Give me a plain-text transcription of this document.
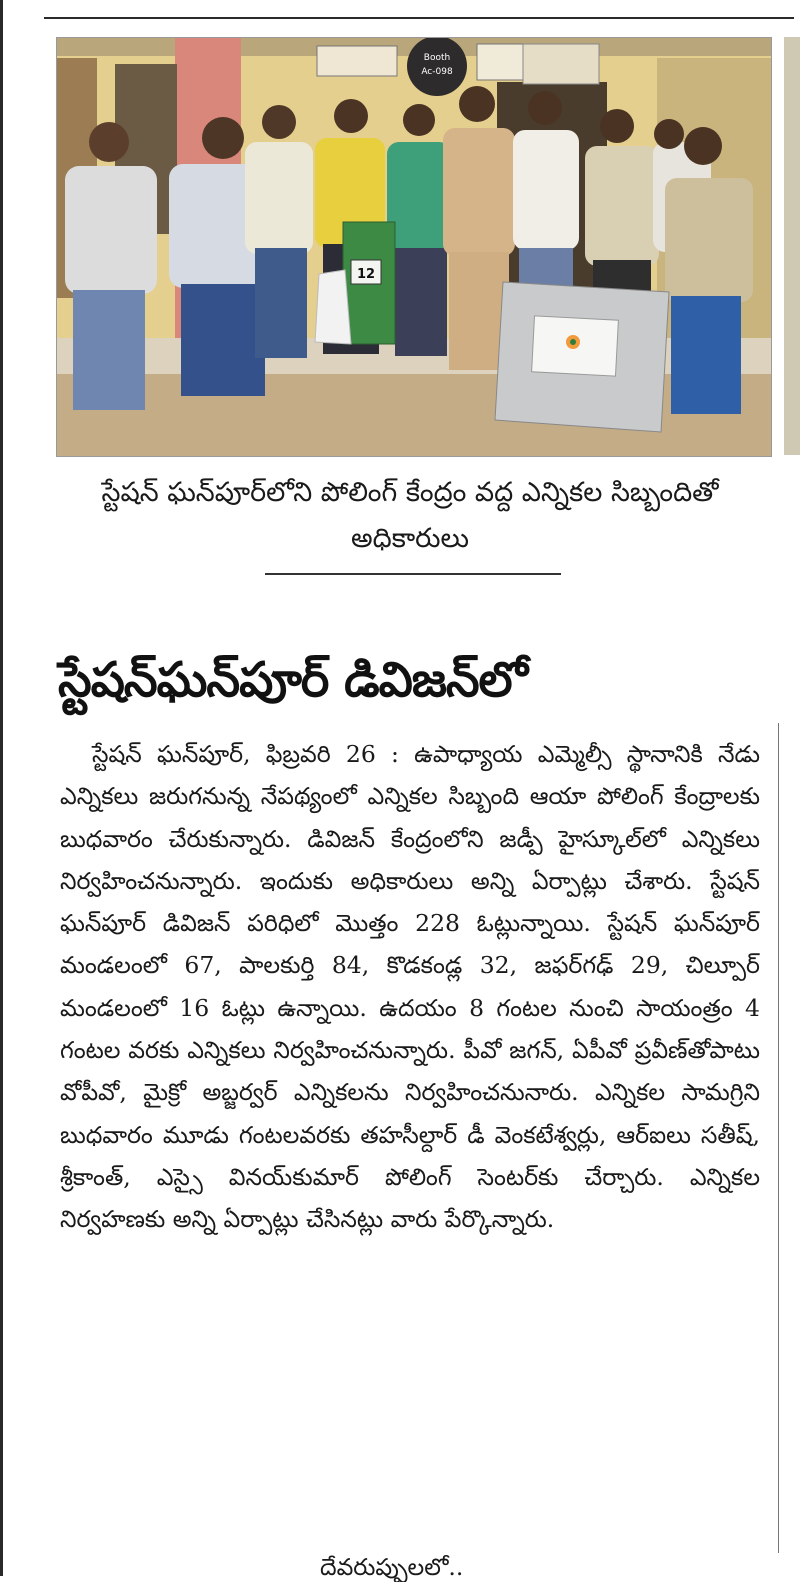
Booth
Ac-098
12
స్టేషన్ ఘన్‌పూర్‌లోని పోలింగ్ కేంద్రం వద్ద ఎన్నికల సిబ్బందితో అధికారులు
స్టేషన్‌ఘన్‌పూర్ డివిజన్‌లో

స్టేషన్ ఘన్‌పూర్, ఫిబ్రవరి 26 : ఉపాధ్యాయ ఎమ్మెల్సీ స్థానానికి నేడు ఎన్నికలు జరుగనున్న నేపథ్యంలో ఎన్నికల సిబ్బంది ఆయా పోలింగ్ కేంద్రాలకు బుధవారం చేరుకున్నారు. డివిజన్ కేంద్రంలోని జడ్పీ హైస్కూల్‌లో ఎన్నికలు నిర్వహించనున్నారు. ఇందుకు అధికారులు అన్ని ఏర్పాట్లు చేశారు. స్టేషన్ ఘన్‌పూర్ డివిజన్ పరిధిలో మొత్తం 228 ఓట్లున్నాయి. స్టేషన్ ఘన్‌పూర్ మండలంలో 67, పాలకుర్తి 84, కొడకండ్ల 32, జఫర్‌గఢ్ 29, చిల్పూర్ మండలంలో 16 ఓట్లు ఉన్నాయి. ఉదయం 8 గంటల నుంచి సాయంత్రం 4 గంటల వరకు ఎన్నికలు నిర్వహించనున్నారు. పీవో జగన్, ఏపీవో ప్రవీణ్‌తోపాటు వోపీవో, మైక్రో అబ్జర్వర్ ఎన్నికలను నిర్వహించనునారు. ఎన్నికల సామగ్రిని బుధవారం మూడు గంటలవరకు తహసీల్దార్ డీ వెంకటేశ్వర్లు, ఆర్‌ఐలు సతీష్, శ్రీకాంత్, ఎస్సై వినయ్‌కుమార్ పోలింగ్ సెంటర్‌కు చేర్చారు. ఎన్నికల నిర్వహణకు అన్ని ఏర్పాట్లు చేసినట్లు వారు పేర్కొన్నారు.

దేవరుప్పులలో..
